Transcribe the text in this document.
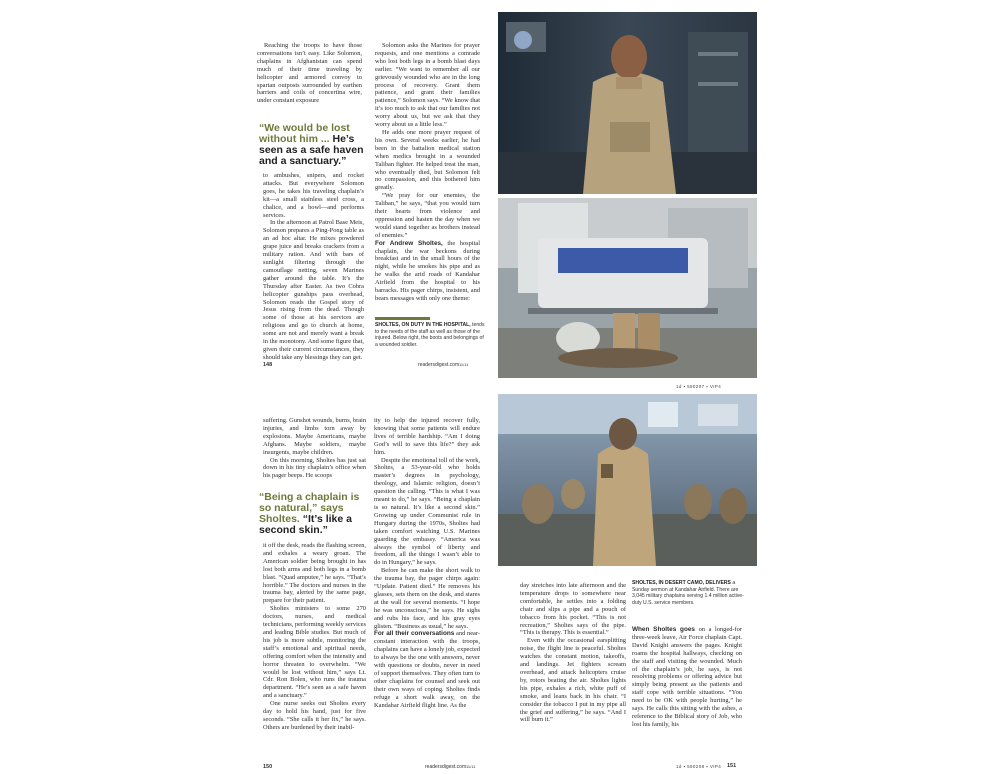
Reaching the troops to have those conversations isn’t easy. Like Solomon, chaplains in Afghanistan can spend much of their time traveling by helicopter and armored convoy to spartan outposts surrounded by earthen barriers and coils of concertina wire, under constant exposure

“We would be lost without him ... He’s seen as a safe haven and a sanctuary.”

to ambushes, snipers, and rocket attacks. But everywhere Solomon goes, he takes his traveling chaplain’s kit—a small stainless steel cross, a chalice, and a bowl—and performs services.

In the afternoon at Patrol Base Meis, Solomon prepares a Ping-Pong table as an ad hoc altar. He mixes powdered grape juice and breaks crackers from a military ration. And with bars of sunlight filtering through the camouflage netting, seven Marines gather around the table. It’s the Thursday after Easter. As two Cobra helicopter gunships pass overhead, Solomon reads the Gospel story of Jesus rising from the dead. Though some of those at his services are religious and go to church at home, some are not and merely want a break in the monotony. And some figure that, given their current circumstances, they should take any blessings they can get.

Solomon asks the Marines for prayer requests, and one mentions a comrade who lost both legs in a bomb blast days earlier. “We want to remember all our grievously wounded who are in the long process of recovery. Grant them patience, and grant their families patience,” Solomon says. “We know that it’s too much to ask that our families not worry about us, but we ask that they worry about us a little less.”

He adds one more prayer request of his own. Several weeks earlier, he had been in the battalion medical station when medics brought in a wounded Taliban fighter. He helped treat the man, who eventually died, but Solomon felt no compassion, and this bothered him greatly.

“We pray for our enemies, the Taliban,” he says, “that you would turn their hearts from violence and oppression and hasten the day when we would stand together as brothers instead of enemies.”

For Andrew Sholtes, the hospital chaplain, the war beckons during breakfast and in the small hours of the night, while he smokes his pipe and as he walks the arid roads of Kandahar Airfield from the hospital to his barracks. His pager chirps, insistent, and bears messages with only one theme:

148	readersdigest.com 11/11
1d ▪ 590207 ▪ VIP4
SHOLTES, ON DUTY IN THE HOSPITAL, tends to the needs of the staff as well as those of the injured. Below right, the boots and belongings of a wounded soldier.

suffering. Gunshot wounds, burns, brain injuries, and limbs torn away by explosions. Maybe Americans, maybe Afghans. Maybe soldiers, maybe insurgents, maybe children.

On this morning, Sholtes has just sat down in his tiny chaplain’s office when his pager beeps. He scoops

“Being a chaplain is so natural,” says Sholtes. “It’s like a second skin.”

it off the desk, reads the flashing screen, and exhales a weary groan. The American soldier being brought in has lost both arms and both legs in a bomb blast. “Quad amputee,” he says. “That’s horrible.” The doctors and nurses in the trauma bay, alerted by the same page, prepare for their patient.

Sholtes ministers to some 270 doctors, nurses, and medical technicians, performing weekly services and leading Bible studies. But much of his job is more subtle, monitoring the staff’s emotional and spiritual needs, offering comfort when the intensity and horror threaten to overwhelm. “We would be lost without him,” says Lt. Cdr. Ron Bolen, who runs the trauma department. “He’s seen as a safe haven and a sanctuary.”

One nurse seeks out Sholtes every day to hold his hand, just for five seconds. “She calls it her fix,” he says. Others are burdened by their inabil-

ity to help the injured recover fully, knowing that some patients will endure lives of terrible hardship. “Am I doing God’s will to save this life?” they ask him.

Despite the emotional toll of the work, Sholtes, a 53-year-old who holds master’s degrees in psychology, theology, and Islamic religion, doesn’t question the calling. “This is what I was meant to do,” he says. “Being a chaplain is so natural. It’s like a second skin.” Growing up under Communist rule in Hungary during the 1970s, Sholtes had taken comfort watching U.S. Marines guarding the embassy. “America was always the symbol of liberty and freedom, all the things I wasn’t able to do in Hungary,” he says.

Before he can make the short walk to the trauma bay, the pager chirps again: “Update. Patient died.” He removes his glasses, sets them on the desk, and stares at the wall for several moments. “I hope he was unconscious,” he says. He sighs and rubs his face, and his gray eyes glisten. “Business as usual,” he says.

For all their conversations and near-constant interaction with the troops, chaplains can have a lonely job, expected to always be the one with answers, never with questions or doubts, never in need of support themselves. They often turn to other chaplains for counsel and seek out their own ways of coping. Sholtes finds refuge a short walk away, on the Kandahar Airfield flight line. As the

150	readersdigest.com 11/11

day stretches into late afternoon and the temperature drops to somewhere near comfortable, he settles into a folding chair and slips a pipe and a pouch of tobacco from his pocket. “This is not recreation,” Sholtes says of the pipe. “This is therapy. This is essential.”

Even with the occasional earsplitting noise, the flight line is peaceful. Sholtes watches the constant motion, takeoffs, and landings. Jet fighters scream overhead, and attack helicopters cruise by, rotors beating the air. Sholtes lights his pipe, exhales a rich, white puff of smoke, and leans back in his chair. “I consider the tobacco I put in my pipe all the grief and suffering,” he says. “And I will burn it.”

SHOLTES, IN DESERT CAMO, DELIVERS a Sunday sermon at Kandahar Airfield. There are 3,045 military chaplains serving 1.4 million active-duty U.S. service members.

When Sholtes goes on a longed-for three-week leave, Air Force chaplain Capt. David Knight answers the pages. Knight roams the hospital hallways, checking on the staff and visiting the wounded. Much of the chaplain’s job, he says, is not resolving problems or offering advice but simply being present as the patients and staff cope with terrible situations. “You need to be OK with people hurting,” he says. He calls this sitting with the ashes, a reference to the Biblical story of Job, who lost his family, his

151
1d ▪ 590208 ▪ VIP4
